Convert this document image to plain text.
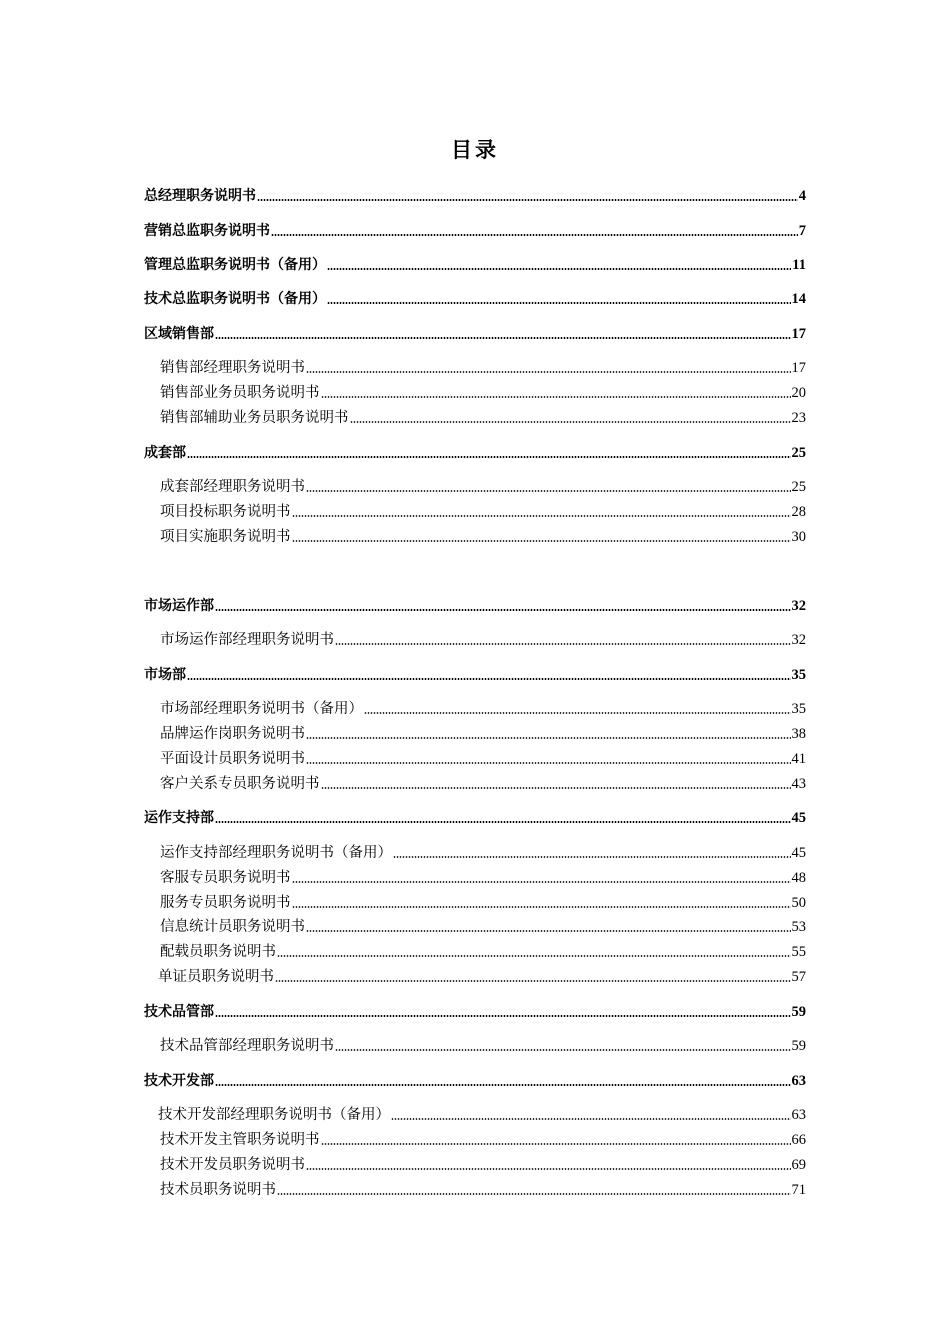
目录
总经理职务说明书	4
营销总监职务说明书	7
管理总监职务说明书（备用）	11
技术总监职务说明书（备用）	14
区域销售部	17
销售部经理职务说明书	17
销售部业务员职务说明书	20
销售部辅助业务员职务说明书	23
成套部	25
成套部经理职务说明书	25
项目投标职务说明书	28
项目实施职务说明书	30
市场运作部	32
市场运作部经理职务说明书	32
市场部	35
市场部经理职务说明书（备用）	35
品牌运作岗职务说明书	38
平面设计员职务说明书	41
客户关系专员职务说明书	43
运作支持部	45
运作支持部经理职务说明书（备用）	45
客服专员职务说明书	48
服务专员职务说明书	50
信息统计员职务说明书	53
配载员职务说明书	55
单证员职务说明书	57
技术品管部	59
技术品管部经理职务说明书	59
技术开发部	63
技术开发部经理职务说明书（备用）	63
技术开发主管职务说明书	66
技术开发员职务说明书	69
技术员职务说明书	71
